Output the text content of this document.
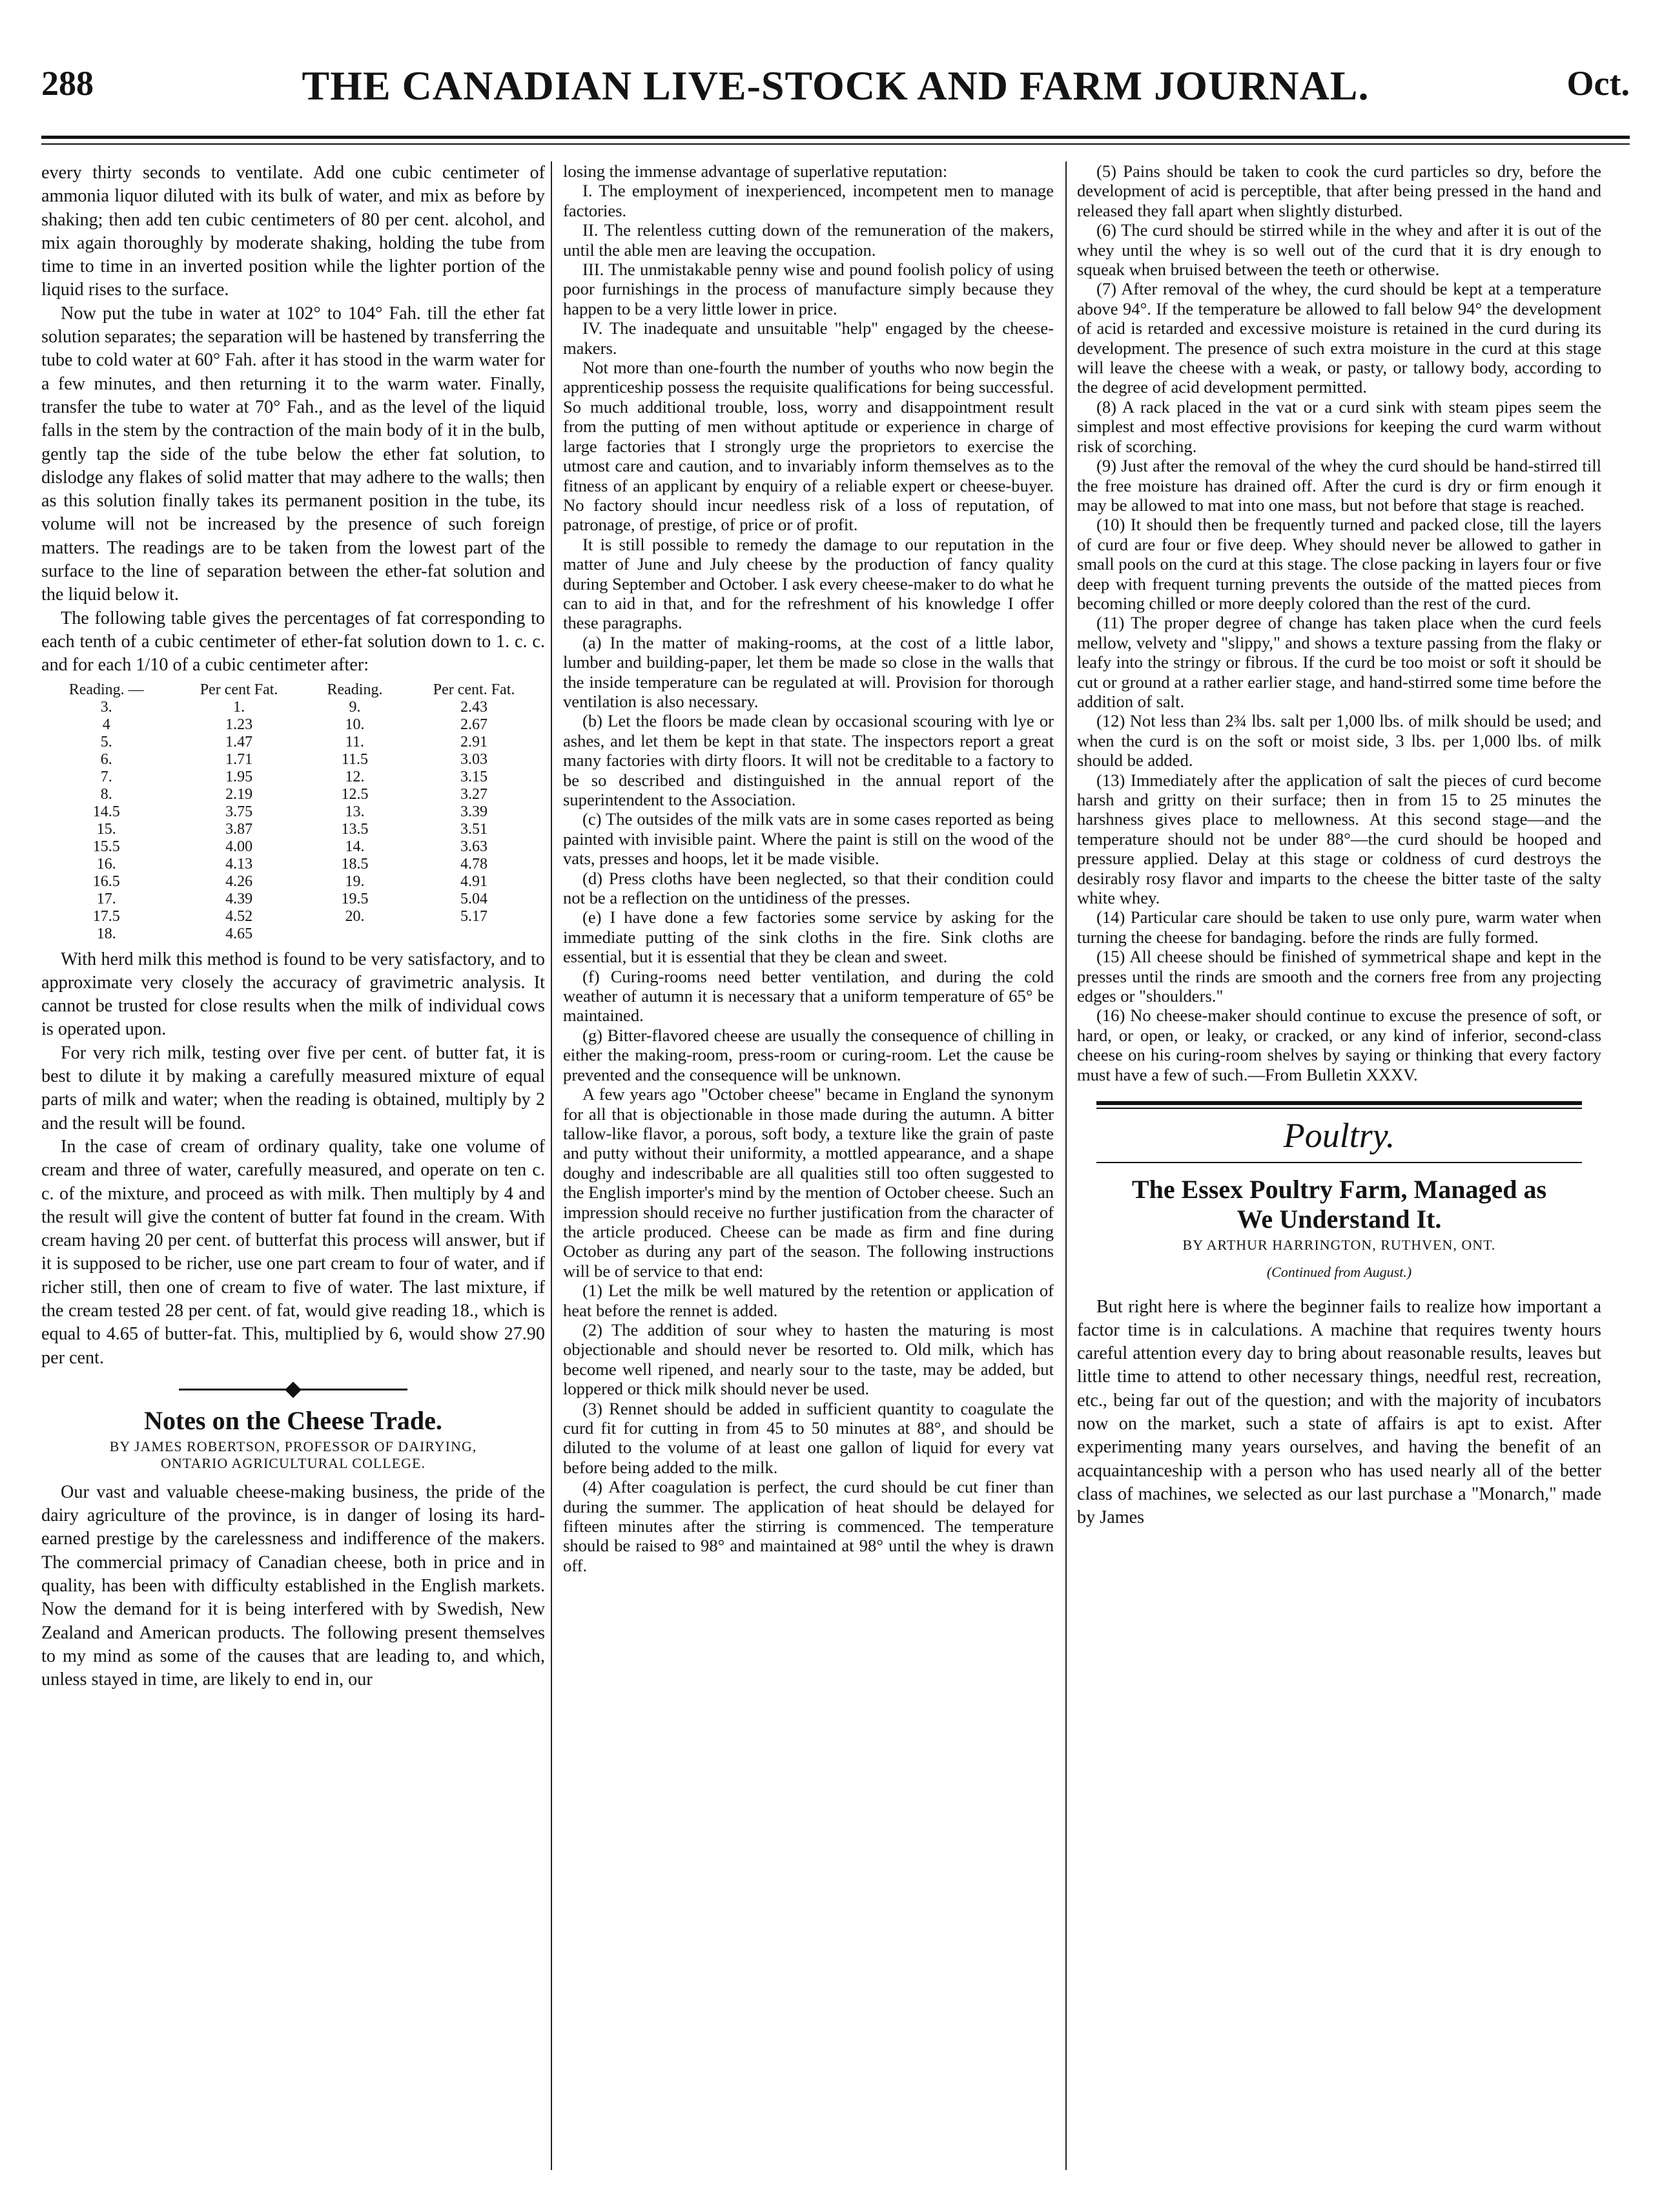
288	THE CANADIAN LIVE-STOCK AND FARM JOURNAL.	Oct.

every thirty seconds to ventilate. Add one cubic centimeter of ammonia liquor diluted with its bulk of water, and mix as before by shaking; then add ten cubic centimeters of 80 per cent. alcohol, and mix again thoroughly by moderate shaking, holding the tube from time to time in an inverted position while the lighter portion of the liquid rises to the surface.

Now put the tube in water at 102° to 104° Fah. till the ether fat solution separates; the separation will be hastened by transferring the tube to cold water at 60° Fah. after it has stood in the warm water for a few minutes, and then returning it to the warm water. Finally, transfer the tube to water at 70° Fah., and as the level of the liquid falls in the stem by the contraction of the main body of it in the bulb, gently tap the side of the tube below the ether fat solution, to dislodge any flakes of solid matter that may adhere to the walls; then as this solution finally takes its permanent position in the tube, its volume will not be increased by the presence of such foreign matters. The readings are to be taken from the lowest part of the surface to the line of separation between the ether-fat solution and the liquid below it.

The following table gives the percentages of fat corresponding to each tenth of a cubic centimeter of ether-fat solution down to 1. c. c. and for each 1/10 of a cubic centimeter after:

Reading. —	Per cent Fat.	Reading.	Per cent. Fat.
3.	1.	9.	2.43
4	1.23	10.	2.67
5.	1.47	11.	2.91
6.	1.71	11.5	3.03
7.	1.95	12.	3.15
8.	2.19	12.5	3.27
14.5	3.75	13.	3.39
15.	3.87	13.5	3.51
15.5	4.00	14.	3.63
16.	4.13	18.5	4.78
16.5	4.26	19.	4.91
17.	4.39	19.5	5.04
17.5	4.52	20.	5.17
18.	4.65		

With herd milk this method is found to be very satisfactory, and to approximate very closely the accuracy of gravimetric analysis. It cannot be trusted for close results when the milk of individual cows is operated upon.

For very rich milk, testing over five per cent. of butter fat, it is best to dilute it by making a carefully measured mixture of equal parts of milk and water; when the reading is obtained, multiply by 2 and the result will be found.

In the case of cream of ordinary quality, take one volume of cream and three of water, carefully measured, and operate on ten c. c. of the mixture, and proceed as with milk. Then multiply by 4 and the result will give the content of butter fat found in the cream. With cream having 20 per cent. of butterfat this process will answer, but if it is supposed to be richer, use one part cream to four of water, and if richer still, then one of cream to five of water. The last mixture, if the cream tested 28 per cent. of fat, would give reading 18., which is equal to 4.65 of butter-fat. This, multiplied by 6, would show 27.90 per cent.

Notes on the Cheese Trade.
BY JAMES ROBERTSON, PROFESSOR OF DAIRYING,
ONTARIO AGRICULTURAL COLLEGE.

Our vast and valuable cheese-making business, the pride of the dairy agriculture of the province, is in danger of losing its hard-earned prestige by the carelessness and indifference of the makers. The commercial primacy of Canadian cheese, both in price and in quality, has been with difficulty established in the English markets. Now the demand for it is being interfered with by Swedish, New Zealand and American products. The following present themselves to my mind as some of the causes that are leading to, and which, unless stayed in time, are likely to end in, our

losing the immense advantage of superlative reputation:

I. The employment of inexperienced, incompetent men to manage factories.

II. The relentless cutting down of the remuneration of the makers, until the able men are leaving the occupation.

III. The unmistakable penny wise and pound foolish policy of using poor furnishings in the process of manufacture simply because they happen to be a very little lower in price.

IV. The inadequate and unsuitable "help" engaged by the cheese-makers.

Not more than one-fourth the number of youths who now begin the apprenticeship possess the requisite qualifications for being successful. So much additional trouble, loss, worry and disappointment result from the putting of men without aptitude or experience in charge of large factories that I strongly urge the proprietors to exercise the utmost care and caution, and to invariably inform themselves as to the fitness of an applicant by enquiry of a reliable expert or cheese-buyer. No factory should incur needless risk of a loss of reputation, of patronage, of prestige, of price or of profit.

It is still possible to remedy the damage to our reputation in the matter of June and July cheese by the production of fancy quality during September and October. I ask every cheese-maker to do what he can to aid in that, and for the refreshment of his knowledge I offer these paragraphs.

(a) In the matter of making-rooms, at the cost of a little labor, lumber and building-paper, let them be made so close in the walls that the inside temperature can be regulated at will. Provision for thorough ventilation is also necessary.

(b) Let the floors be made clean by occasional scouring with lye or ashes, and let them be kept in that state. The inspectors report a great many factories with dirty floors. It will not be creditable to a factory to be so described and distinguished in the annual report of the superintendent to the Association.

(c) The outsides of the milk vats are in some cases reported as being painted with invisible paint. Where the paint is still on the wood of the vats, presses and hoops, let it be made visible.

(d) Press cloths have been neglected, so that their condition could not be a reflection on the untidiness of the presses.

(e) I have done a few factories some service by asking for the immediate putting of the sink cloths in the fire. Sink cloths are essential, but it is essential that they be clean and sweet.

(f) Curing-rooms need better ventilation, and during the cold weather of autumn it is necessary that a uniform temperature of 65° be maintained.

(g) Bitter-flavored cheese are usually the consequence of chilling in either the making-room, press-room or curing-room. Let the cause be prevented and the consequence will be unknown.

A few years ago "October cheese" became in England the synonym for all that is objectionable in those made during the autumn. A bitter tallow-like flavor, a porous, soft body, a texture like the grain of paste and putty without their uniformity, a mottled appearance, and a shape doughy and indescribable are all qualities still too often suggested to the English importer's mind by the mention of October cheese. Such an impression should receive no further justification from the character of the article produced. Cheese can be made as firm and fine during October as during any part of the season. The following instructions will be of service to that end:

(1) Let the milk be well matured by the retention or application of heat before the rennet is added.

(2) The addition of sour whey to hasten the maturing is most objectionable and should never be resorted to. Old milk, which has become well ripened, and nearly sour to the taste, may be added, but loppered or thick milk should never be used.

(3) Rennet should be added in sufficient quantity to coagulate the curd fit for cutting in from 45 to 50 minutes at 88°, and should be diluted to the volume of at least one gallon of liquid for every vat before being added to the milk.

(4) After coagulation is perfect, the curd should be cut finer than during the summer. The application of heat should be delayed for fifteen minutes after the stirring is commenced. The temperature should be raised to 98° and maintained at 98° until the whey is drawn off.

(5) Pains should be taken to cook the curd particles so dry, before the development of acid is perceptible, that after being pressed in the hand and released they fall apart when slightly disturbed.

(6) The curd should be stirred while in the whey and after it is out of the whey until the whey is so well out of the curd that it is dry enough to squeak when bruised between the teeth or otherwise.

(7) After removal of the whey, the curd should be kept at a temperature above 94°. If the temperature be allowed to fall below 94° the development of acid is retarded and excessive moisture is retained in the curd during its development. The presence of such extra moisture in the curd at this stage will leave the cheese with a weak, or pasty, or tallowy body, according to the degree of acid development permitted.

(8) A rack placed in the vat or a curd sink with steam pipes seem the simplest and most effective provisions for keeping the curd warm without risk of scorching.

(9) Just after the removal of the whey the curd should be hand-stirred till the free moisture has drained off. After the curd is dry or firm enough it may be allowed to mat into one mass, but not before that stage is reached.

(10) It should then be frequently turned and packed close, till the layers of curd are four or five deep. Whey should never be allowed to gather in small pools on the curd at this stage. The close packing in layers four or five deep with frequent turning prevents the outside of the matted pieces from becoming chilled or more deeply colored than the rest of the curd.

(11) The proper degree of change has taken place when the curd feels mellow, velvety and "slippy," and shows a texture passing from the flaky or leafy into the stringy or fibrous. If the curd be too moist or soft it should be cut or ground at a rather earlier stage, and hand-stirred some time before the addition of salt.

(12) Not less than 2¾ lbs. salt per 1,000 lbs. of milk should be used; and when the curd is on the soft or moist side, 3 lbs. per 1,000 lbs. of milk should be added.

(13) Immediately after the application of salt the pieces of curd become harsh and gritty on their surface; then in from 15 to 25 minutes the harshness gives place to mellowness. At this second stage—and the temperature should not be under 88°—the curd should be hooped and pressure applied. Delay at this stage or coldness of curd destroys the desirably rosy flavor and imparts to the cheese the bitter taste of the salty white whey.

(14) Particular care should be taken to use only pure, warm water when turning the cheese for bandaging. before the rinds are fully formed.

(15) All cheese should be finished of symmetrical shape and kept in the presses until the rinds are smooth and the corners free from any projecting edges or "shoulders."

(16) No cheese-maker should continue to excuse the presence of soft, or hard, or open, or leaky, or cracked, or any kind of inferior, second-class cheese on his curing-room shelves by saying or thinking that every factory must have a few of such.—From Bulletin XXXV.

Poultry.
The Essex Poultry Farm, Managed as
We Understand It.
BY ARTHUR HARRINGTON, RUTHVEN, ONT.
(Continued from August.)

But right here is where the beginner fails to realize how important a factor time is in calculations. A machine that requires twenty hours careful attention every day to bring about reasonable results, leaves but little time to attend to other necessary things, needful rest, recreation, etc., being far out of the question; and with the majority of incubators now on the market, such a state of affairs is apt to exist. After experimenting many years ourselves, and having the benefit of an acquaintanceship with a person who has used nearly all of the better class of machines, we selected as our last purchase a "Monarch," made by James
